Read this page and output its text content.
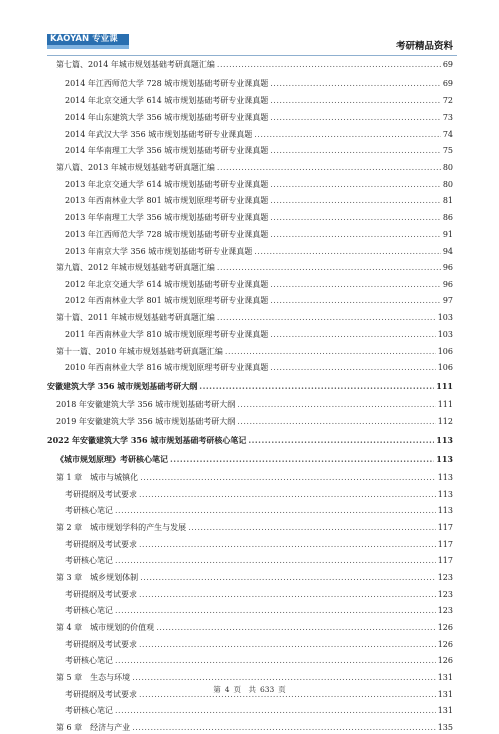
KAOYAN 专业课
考研精品资料
第七篇、2014 年城市规划基础考研真题汇编 .....	69
2014 年江西师范大学 728 城市规划基础考研专业课真题 .....	69
2014 年北京交通大学 614 城市规划基础考研专业课真题 .....	72
2014 年山东建筑大学 356 城市规划基础考研专业课真题 .....	73
2014 年武汉大学 356 城市规划基础考研专业课真题 .....	74
2014 年华南理工大学 356 城市规划基础考研专业课真题 .....	75
第八篇、2013 年城市规划基础考研真题汇编 .....	80
2013 年北京交通大学 614 城市规划基础考研专业课真题 .....	80
2013 年西南林业大学 801 城市规划原理考研专业课真题 .....	81
2013 年华南理工大学 356 城市规划基础考研专业课真题 .....	86
2013 年江西师范大学 728 城市规划基础考研专业课真题 .....	91
2013 年南京大学 356 城市规划基础考研专业课真题 .....	94
第九篇、2012 年城市规划基础考研真题汇编 .....	96
2012 年北京交通大学 614 城市规划基础考研专业课真题 .....	96
2012 年西南林业大学 801 城市规划原理考研专业课真题 .....	97
第十篇、2011 年城市规划基础考研真题汇编 .....	103
2011 年西南林业大学 810 城市规划原理考研专业课真题 .....	103
第十一篇、2010 年城市规划基础考研真题汇编 .....	106
2010 年西南林业大学 816 城市规划原理考研专业课真题 .....	106
安徽建筑大学 356 城市规划基础考研大纲 .....	111
2018 年安徽建筑大学 356 城市规划基础考研大纲 .....	111
2019 年安徽建筑大学 356 城市规划基础考研大纲 .....	112
2022 年安徽建筑大学 356 城市规划基础考研核心笔记 .....	113
《城市规划原理》考研核心笔记 .....	113
第 1 章　城市与城镇化 .....	113
考研提纲及考试要求 .....	113
考研核心笔记 .....	113
第 2 章　城市规划学科的产生与发展 .....	117
考研提纲及考试要求 .....	117
考研核心笔记 .....	117
第 3 章　城乡规划体制 .....	123
考研提纲及考试要求 .....	123
考研核心笔记 .....	123
第 4 章　城市规划的价值观 .....	126
考研提纲及考试要求 .....	126
考研核心笔记 .....	126
第 5 章　生态与环境 .....	131
考研提纲及考试要求 .....	131
考研核心笔记 .....	131
第 6 章　经济与产业 .....	135
第 4 页　共 633 页
